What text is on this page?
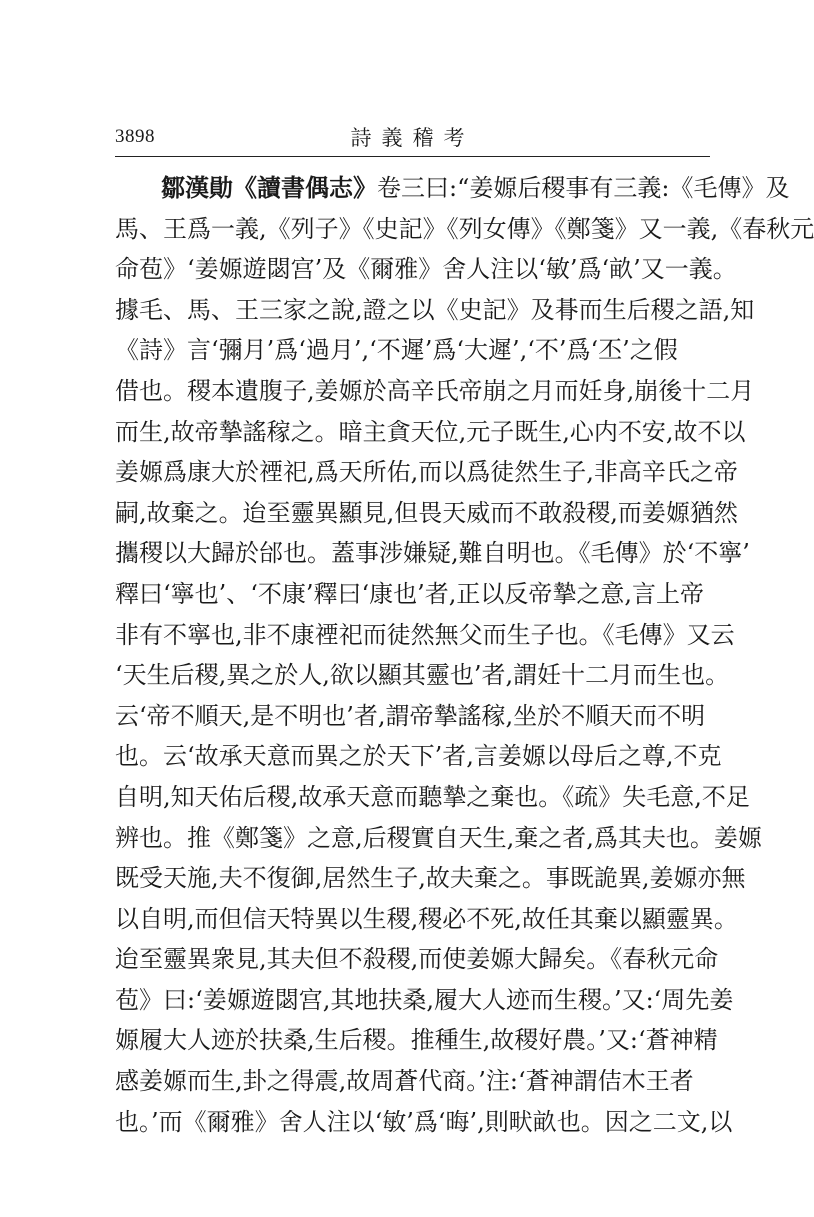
3898	詩義稽考
鄒漢勛《讀書偶志》卷三曰:“姜嫄后稷事有三義:《毛傳》及
馬、王爲一義,《列子》《史記》《列女傳》《鄭箋》又一義,《春秋元
命苞》‘姜嫄遊閟宫’及《爾雅》舍人注以‘敏’爲‘畝’又一義。
據毛、馬、王三家之說,證之以《史記》及朞而生后稷之語,知
《詩》言‘彌月’爲‘過月’,‘不遲’爲‘大遲’,‘不’爲‘丕’之假
借也。稷本遺腹子,姜嫄於高辛氏帝崩之月而妊身,崩後十二月
而生,故帝摯謠稼之。暗主貪天位,元子既生,心内不安,故不以
姜嫄爲康大於禋祀,爲天所佑,而以爲徒然生子,非高辛氏之帝
嗣,故棄之。迨至靈異顯見,但畏天威而不敢殺稷,而姜嫄猶然
攜稷以大歸於邰也。蓋事涉嫌疑,難自明也。《毛傳》於‘不寧’
釋曰‘寧也’、‘不康’釋曰‘康也’者,正以反帝摯之意,言上帝
非有不寧也,非不康禋祀而徒然無父而生子也。《毛傳》又云
‘天生后稷,異之於人,欲以顯其靈也’者,謂妊十二月而生也。
云‘帝不順天,是不明也’者,謂帝摯謠稼,坐於不順天而不明
也。云‘故承天意而異之於天下’者,言姜嫄以母后之尊,不克
自明,知天佑后稷,故承天意而聽摯之棄也。《疏》失毛意,不足
辨也。推《鄭箋》之意,后稷實自天生,棄之者,爲其夫也。姜嫄
既受天施,夫不復御,居然生子,故夫棄之。事既詭異,姜嫄亦無
以自明,而但信天特異以生稷,稷必不死,故任其棄以顯靈異。
迨至靈異衆見,其夫但不殺稷,而使姜嫄大歸矣。《春秋元命
苞》曰:‘姜嫄遊閟宫,其地扶桑,履大人迹而生稷。’又:‘周先姜
嫄履大人迹於扶桑,生后稷。推種生,故稷好農。’又:‘蒼神精
感姜嫄而生,卦之得震,故周蒼代商。’注:‘蒼神謂佶木王者
也。’而《爾雅》舍人注以‘敏’爲‘晦’,則畎畝也。因之二文,以
